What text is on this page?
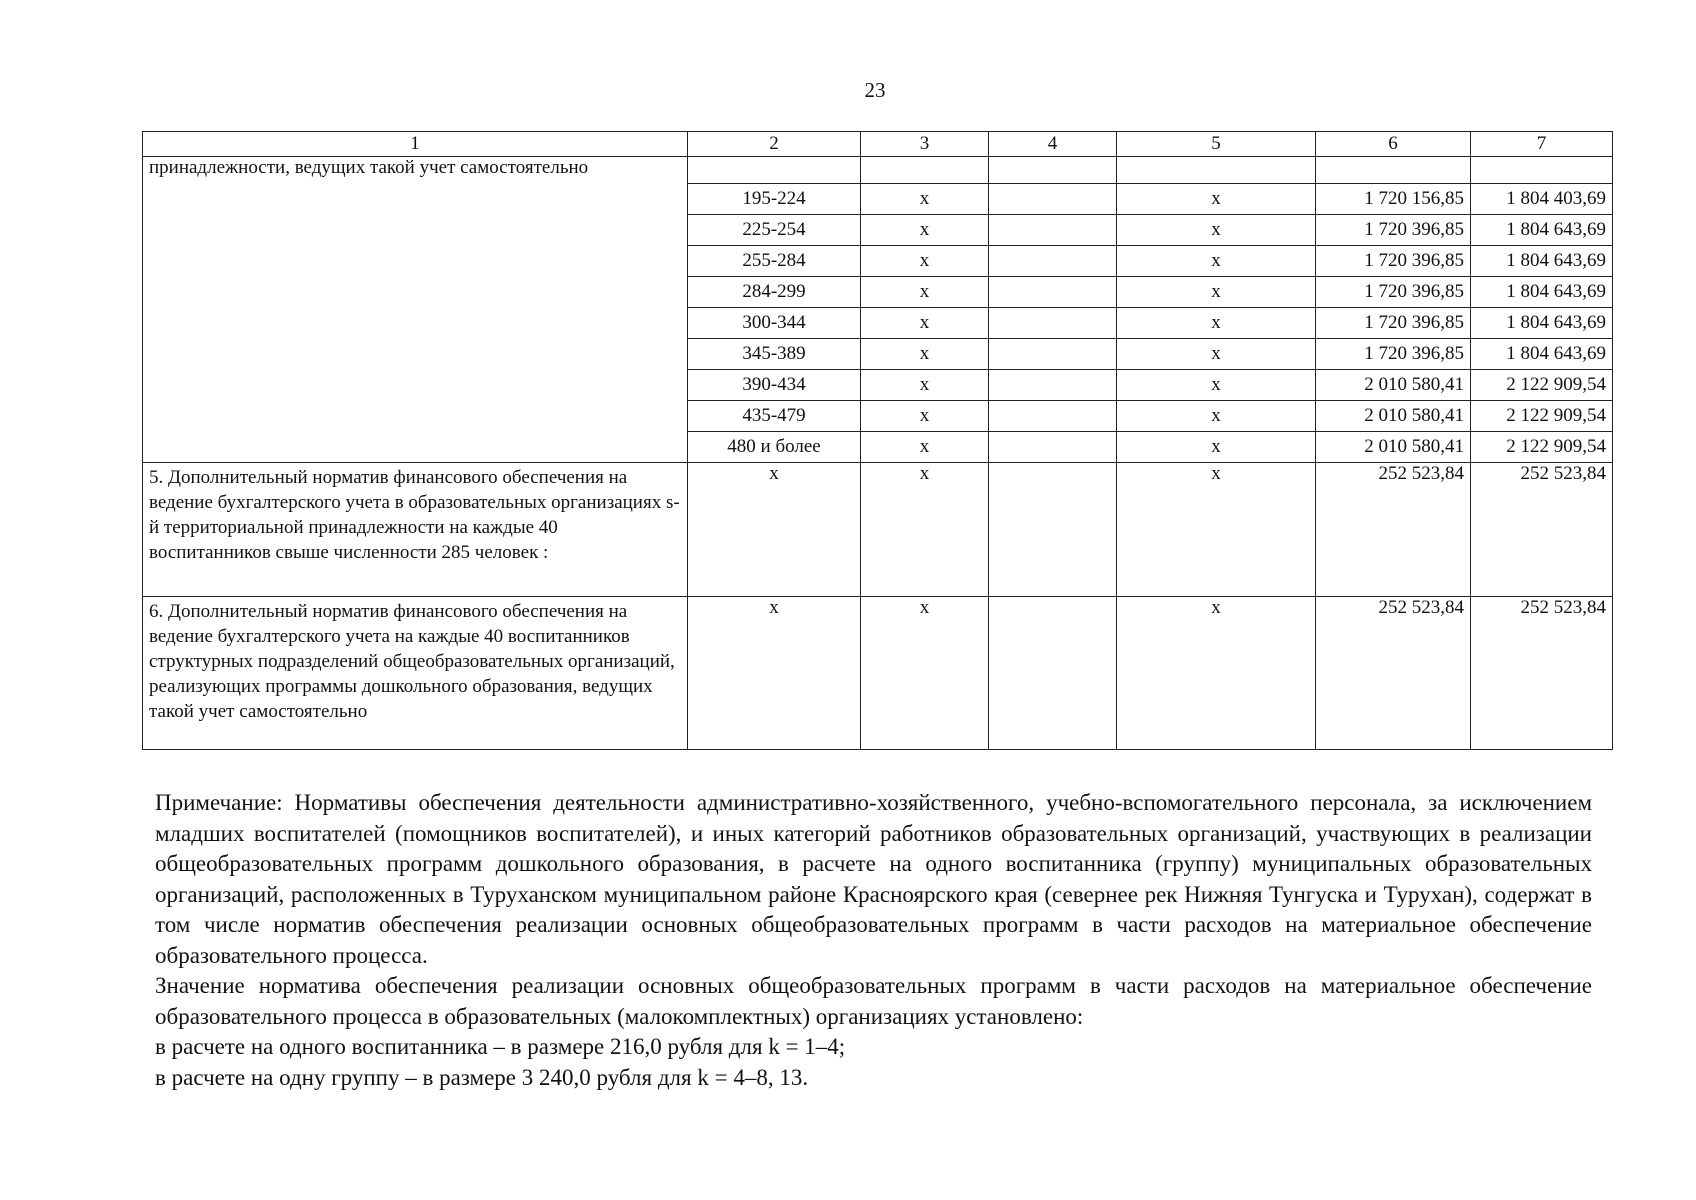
23
1	2	3	4	5	6	7
принадлежности, ведущих такой учет самостоятельно						
	195-224	x		x	1 720 156,85	1 804 403,69
	225-254	x		x	1 720 396,85	1 804 643,69
	255-284	x		x	1 720 396,85	1 804 643,69
	284-299	x		x	1 720 396,85	1 804 643,69
	300-344	x		x	1 720 396,85	1 804 643,69
	345-389	x		x	1 720 396,85	1 804 643,69
	390-434	x		x	2 010 580,41	2 122 909,54
	435-479	x		x	2 010 580,41	2 122 909,54
	480 и более	x		x	2 010 580,41	2 122 909,54
5. Дополнительный норматив финансового обеспечения на ведение бухгалтерского учета в образовательных организациях s-й территориальной принадлежности на каждые 40 воспитанников свыше численности 285 человек :	x	x		x	252 523,84	252 523,84
6. Дополнительный норматив финансового обеспечения на ведение бухгалтерского учета на каждые 40 воспитанников структурных подразделений общеобразовательных организаций, реализующих программы дошкольного образования, ведущих такой учет самостоятельно	x	x		x	252 523,84	252 523,84

Примечание: Нормативы обеспечения деятельности административно-хозяйственного, учебно-вспомогательного персонала, за исключением младших воспитателей (помощников воспитателей), и иных категорий работников образовательных организаций, участвующих в реализации общеобразовательных программ дошкольного образования, в расчете на одного воспитанника (группу) муниципальных образовательных организаций, расположенных в Туруханском муниципальном районе Красноярского края (севернее рек Нижняя Тунгуска и Турухан), содержат в том числе норматив обеспечения реализации основных общеобразовательных программ в части расходов на материальное обеспечение образовательного процесса.

Значение норматива обеспечения реализации основных общеобразовательных программ в части расходов на материальное обеспечение образовательного процесса в образовательных (малокомплектных) организациях установлено:

в расчете на одного воспитанника – в размере 216,0 рубля для k = 1–4;

в расчете на одну группу – в размере 3 240,0 рубля для k = 4–8, 13.
